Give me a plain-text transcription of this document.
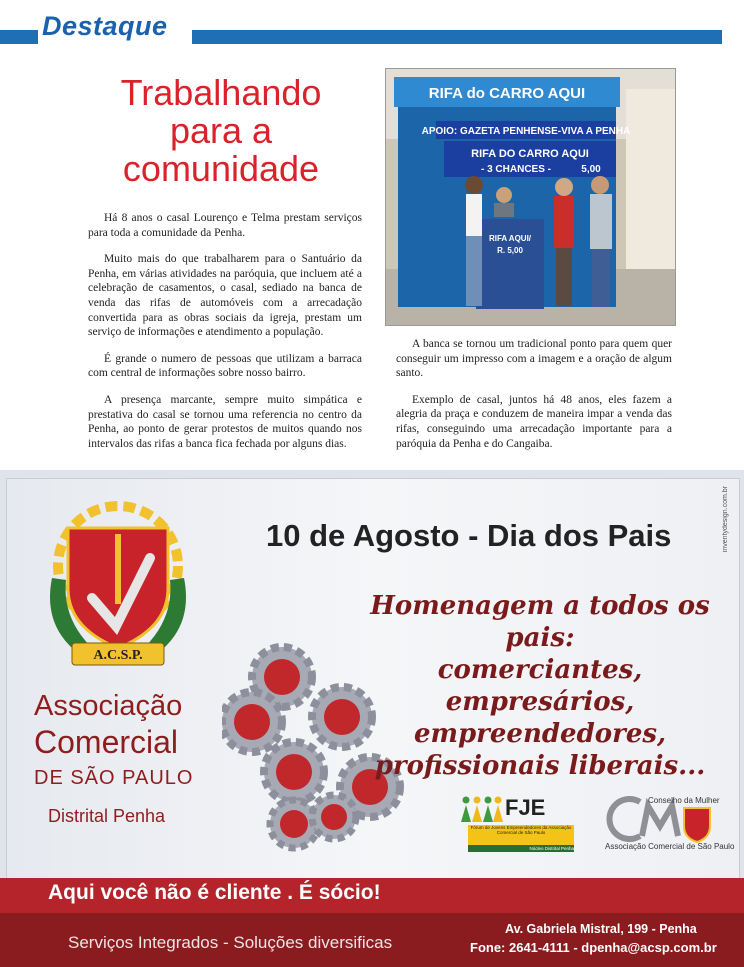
Destaque
Trabalhando para a comunidade

Há 8 anos o casal Lourenço e Telma prestam serviços para toda a comunidade da Penha.

Muito mais do que trabalharem para o Santuário da Penha, em várias atividades na paróquia, que incluem até a celebração de casamentos, o casal, sediado na banca de venda das rifas de automóveis com a arrecadação convertida para as obras sociais da igreja, prestam um serviço de informações e atendimento a população.

É grande o numero de pessoas que utilizam a barraca com central de informações sobre nosso bairro.

A presença marcante, sempre muito simpática e prestativa do casal se tornou uma referencia no centro da Penha, ao ponto de gerar protestos de muitos quando nos intervalos das rifas a banca fica fechada por alguns dias.

A banca se tornou um tradicional ponto para quem quer conseguir um impresso com a imagem e a oração de algum santo.

Exemplo de casal, juntos há 48 anos, eles fazem a alegria da praça e conduzem de maneira impar a venda das rifas, conseguindo uma arrecadação importante para a paróquia da Penha e do Cangaiba.

RIFA do CARRO AQUI
APOIO: GAZETA PENHENSE-VIVA A PENHA
RIFA DO CARRO AQUI
- 3 CHANCES -	5,00
RIFA AQUI/
R. 5,00
A.C.S.P.
Associação
Comercial
DE SÃO PAULO
Distrital Penha
10 de Agosto - Dia dos Pais
Homenagem a todos os pais:
comerciantes, empresários,
empreendedores,
profissionais liberais...
inventydesign.com.br
FJE
Fórum de Jovens Empreendedores da Associação Comercial de São Paulo
Núcleo Distrital Penha
Conselho da Mulher
Associação Comercial de São Paulo
Aqui você não é cliente . É sócio!
Serviços Integrados - Soluções diversificas
Av. Gabriela Mistral, 199 - Penha
Fone: 2641-4111 - dpenha@acsp.com.br
